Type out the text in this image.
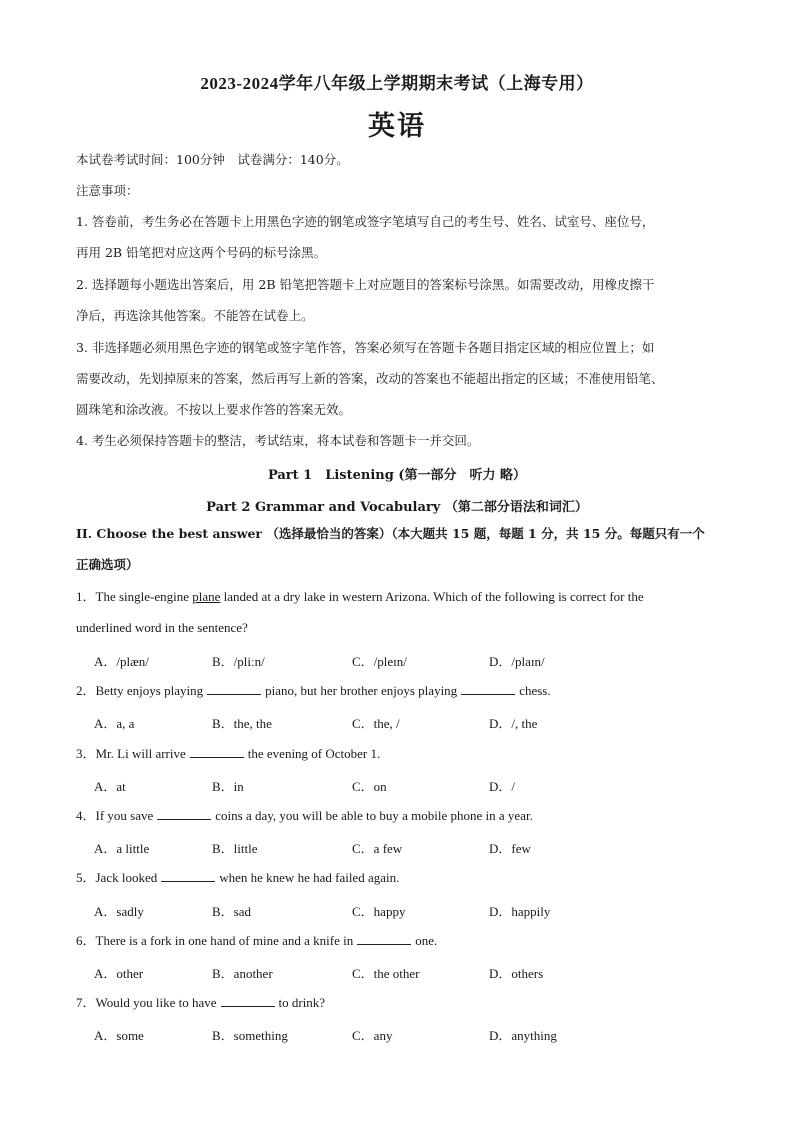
2023-2024学年八年级上学期期末考试（上海专用）
英语
本试卷考试时间：100分钟　试卷满分：140分。
注意事项：
1. 答卷前，考生务必在答题卡上用黑色字迹的钢笔或签字笔填写自己的考生号、姓名、试室号、座位号，
再用 2B 铅笔把对应这两个号码的标号涂黑。
2. 选择题每小题选出答案后，用 2B 铅笔把答题卡上对应题目的答案标号涂黑。如需要改动，用橡皮擦干
净后，再选涂其他答案。不能答在试卷上。
3. 非选择题必须用黑色字迹的钢笔或签字笔作答，答案必须写在答题卡各题目指定区域的相应位置上；如
需要改动，先划掉原来的答案，然后再写上新的答案，改动的答案也不能超出指定的区域；不准使用铅笔、
圆珠笔和涂改液。不按以上要求作答的答案无效。
4. 考生必须保持答题卡的整洁，考试结束，将本试卷和答题卡一并交回。
Part 1　Listening (第一部分　听力 略）
Part 2 Grammar and Vocabulary （第二部分语法和词汇）
II. Choose the best answer （选择最恰当的答案）（本大题共 15 题，每题 1 分，共 15 分。每题只有一个
正确选项）
1．The single-engine plane landed at a dry lake in western Arizona. Which of the following is correct for the
underlined word in the sentence?
A．/plæn/	B．/pliːn/	C．/pleɪn/	D．/plaɪn/
2．Betty enjoys playing	piano, but her brother enjoys playing	chess.
A．a, a	B．the, the	C．the, /	D．/, the
3．Mr. Li will arrive	the evening of October 1.
A．at	B．in	C．on	D．/
4．If you save	coins a day, you will be able to buy a mobile phone in a year.
A．a little	B．little	C．a few	D．few
5．Jack looked	when he knew he had failed again.
A．sadly	B．sad	C．happy	D．happily
6．There is a fork in one hand of mine and a knife in	one.
A．other	B．another	C．the other	D．others
7．Would you like to have	to drink?
A．some	B．something	C．any	D．anything
